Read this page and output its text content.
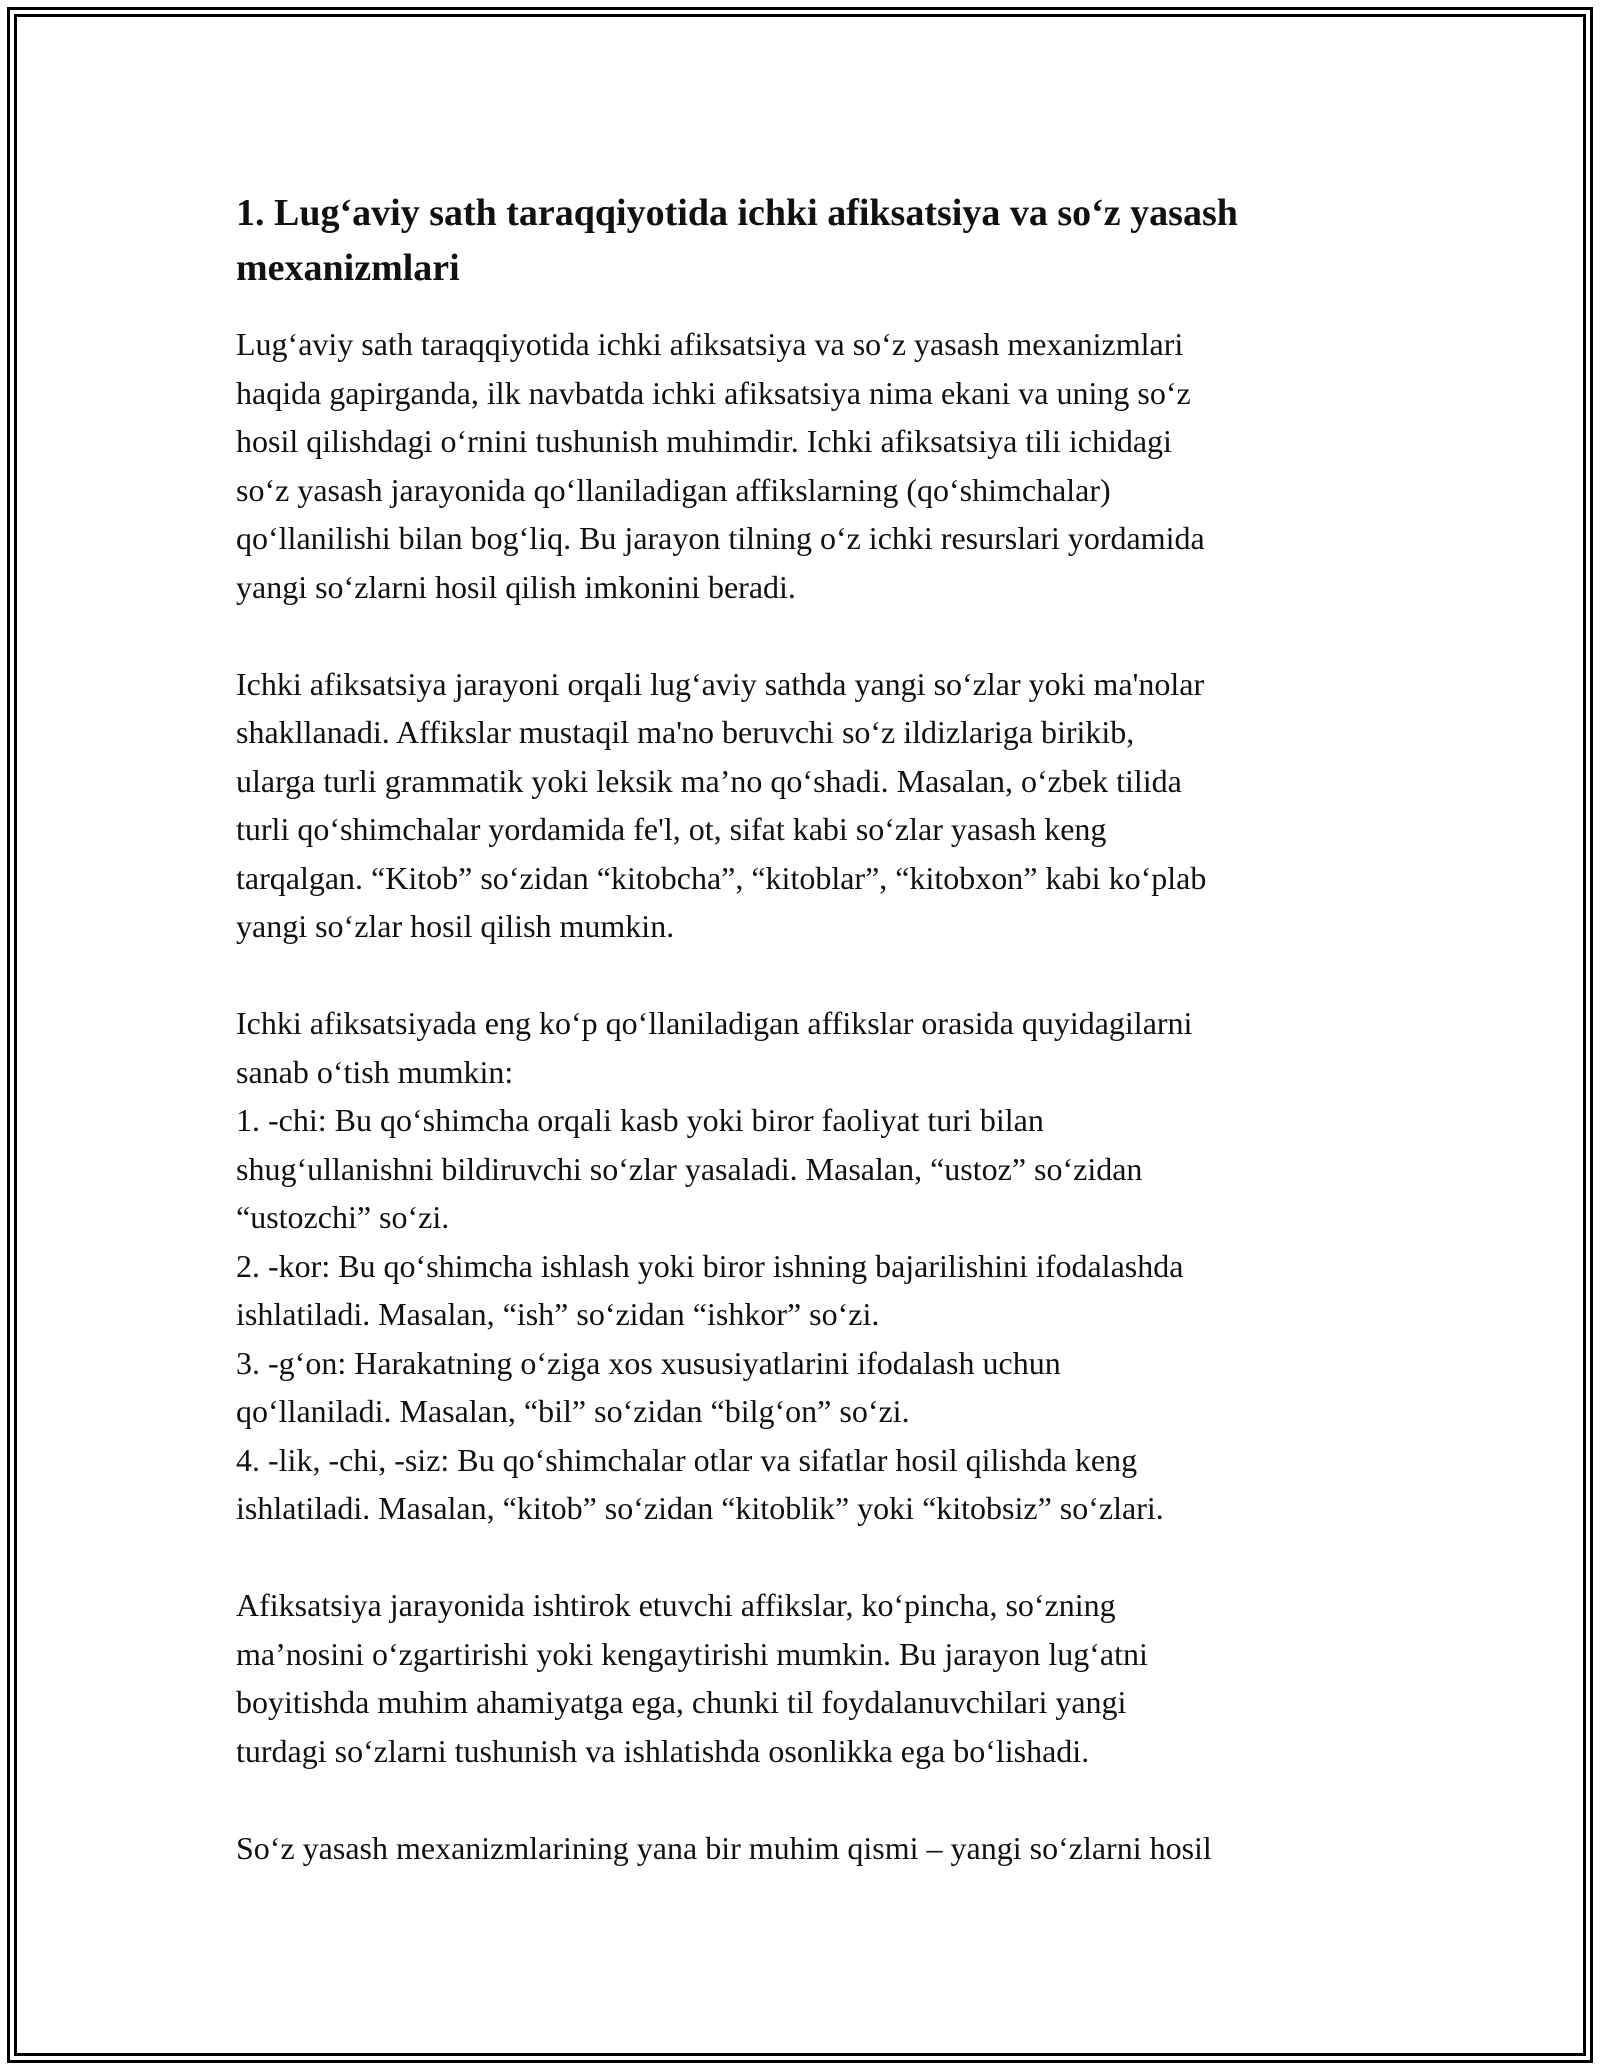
1. Lug‘aviy sath taraqqiyotida ichki afiksatsiya va so‘z yasash
mexanizmlari

Lug‘aviy sath taraqqiyotida ichki afiksatsiya va so‘z yasash mexanizmlari
haqida gapirganda, ilk navbatda ichki afiksatsiya nima ekani va uning so‘z
hosil qilishdagi o‘rnini tushunish muhimdir. Ichki afiksatsiya tili ichidagi
so‘z yasash jarayonida qo‘llaniladigan affikslarning (qo‘shimchalar)
qo‘llanilishi bilan bog‘liq. Bu jarayon tilning o‘z ichki resurslari yordamida
yangi so‘zlarni hosil qilish imkonini beradi.

Ichki afiksatsiya jarayoni orqali lug‘aviy sathda yangi so‘zlar yoki ma'nolar
shakllanadi. Affikslar mustaqil ma'no beruvchi so‘z ildizlariga birikib,
ularga turli grammatik yoki leksik ma’no qo‘shadi. Masalan, o‘zbek tilida
turli qo‘shimchalar yordamida fe'l, ot, sifat kabi so‘zlar yasash keng
tarqalgan. “Kitob” so‘zidan “kitobcha”, “kitoblar”, “kitobxon” kabi ko‘plab
yangi so‘zlar hosil qilish mumkin.

Ichki afiksatsiyada eng ko‘p qo‘llaniladigan affikslar orasida quyidagilarni
sanab o‘tish mumkin:
1. -chi: Bu qo‘shimcha orqali kasb yoki biror faoliyat turi bilan
shug‘ullanishni bildiruvchi so‘zlar yasaladi. Masalan, “ustoz” so‘zidan
“ustozchi” so‘zi.
2. -kor: Bu qo‘shimcha ishlash yoki biror ishning bajarilishini ifodalashda
ishlatiladi. Masalan, “ish” so‘zidan “ishkor” so‘zi.
3. -g‘on: Harakatning o‘ziga xos xususiyatlarini ifodalash uchun
qo‘llaniladi. Masalan, “bil” so‘zidan “bilg‘on” so‘zi.
4. -lik, -chi, -siz: Bu qo‘shimchalar otlar va sifatlar hosil qilishda keng
ishlatiladi. Masalan, “kitob” so‘zidan “kitoblik” yoki “kitobsiz” so‘zlari.

Afiksatsiya jarayonida ishtirok etuvchi affikslar, ko‘pincha, so‘zning
ma’nosini o‘zgartirishi yoki kengaytirishi mumkin. Bu jarayon lug‘atni
boyitishda muhim ahamiyatga ega, chunki til foydalanuvchilari yangi
turdagi so‘zlarni tushunish va ishlatishda osonlikka ega bo‘lishadi.

So‘z yasash mexanizmlarining yana bir muhim qismi – yangi so‘zlarni hosil
